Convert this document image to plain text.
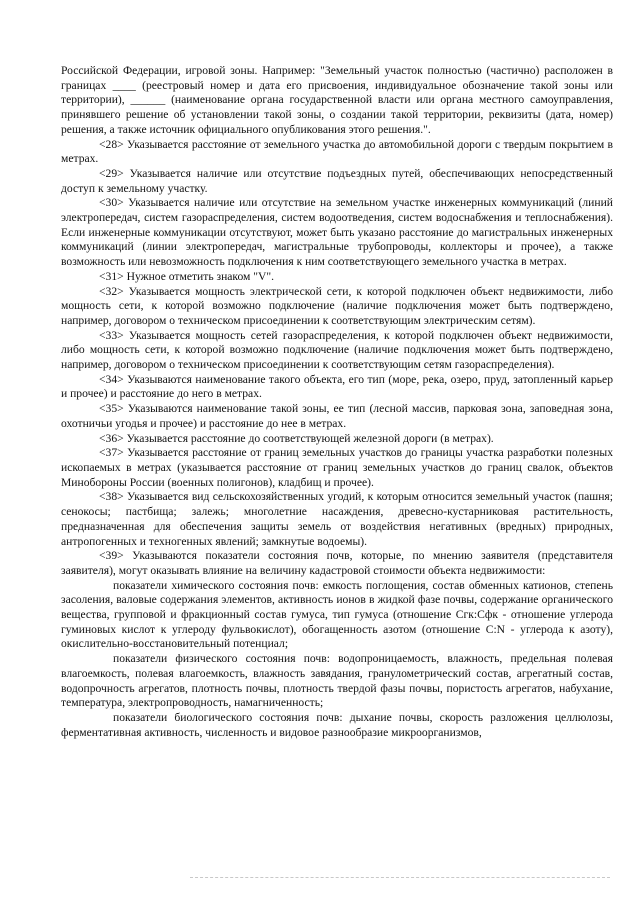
Российской Федерации, игровой зоны. Например: "Земельный участок полностью (частично) расположен в границах ____ (реестровый номер и дата его присвоения, индивидуальное обозначение такой зоны или территории), ______ (наименование органа государственной власти или органа местного самоуправления, принявшего решение об установлении такой зоны, о создании такой территории, реквизиты (дата, номер) решения, а также источник официального опубликования этого решения.".

<28> Указывается расстояние от земельного участка до автомобильной дороги с твердым покрытием в метрах.

<29> Указывается наличие или отсутствие подъездных путей, обеспечивающих непосредственный доступ к земельному участку.

<30> Указывается наличие или отсутствие на земельном участке инженерных коммуникаций (линий электропередач, систем газораспределения, систем водоотведения, систем водоснабжения и теплоснабжения). Если инженерные коммуникации отсутствуют, может быть указано расстояние до магистральных инженерных коммуникаций (линии электропередач, магистральные трубопроводы, коллекторы и прочее), а также возможность или невозможность подключения к ним соответствующего земельного участка в метрах.

<31> Нужное отметить знаком "V".

<32> Указывается мощность электрической сети, к которой подключен объект недвижимости, либо мощность сети, к которой возможно подключение (наличие подключения может быть подтверждено, например, договором о техническом присоединении к соответствующим электрическим сетям).

<33> Указывается мощность сетей газораспределения, к которой подключен объект недвижимости, либо мощность сети, к которой возможно подключение (наличие подключения может быть подтверждено, например, договором о техническом присоединении к соответствующим сетям газораспределения).

<34> Указываются наименование такого объекта, его тип (море, река, озеро, пруд, затопленный карьер и прочее) и расстояние до него в метрах.

<35> Указываются наименование такой зоны, ее тип (лесной массив, парковая зона, заповедная зона, охотничьи угодья и прочее) и расстояние до нее в метрах.

<36> Указывается расстояние до соответствующей железной дороги (в метрах).

<37> Указывается расстояние от границ земельных участков до границы участка разработки полезных ископаемых в метрах (указывается расстояние от границ земельных участков до границ свалок, объектов Минобороны России (военных полигонов), кладбищ и прочее).

<38> Указывается вид сельскохозяйственных угодий, к которым относится земельный участок (пашня; сенокосы; пастбища; залежь; многолетние насаждения, древесно-кустарниковая растительность, предназначенная для обеспечения защиты земель от воздействия негативных (вредных) природных, антропогенных и техногенных явлений; замкнутые водоемы).

<39> Указываются показатели состояния почв, которые, по мнению заявителя (представителя заявителя), могут оказывать влияние на величину кадастровой стоимости объекта недвижимости:

показатели химического состояния почв: емкость поглощения, состав обменных катионов, степень засоления, валовые содержания элементов, активность ионов в жидкой фазе почвы, содержание органического вещества, групповой и фракционный состав гумуса, тип гумуса (отношение Сгк:Сфк - отношение углерода гуминовых кислот к углероду фульвокислот), обогащенность азотом (отношение C:N - углерода к азоту), окислительно-восстановительный потенциал;

показатели физического состояния почв: водопроницаемость, влажность, предельная полевая влагоемкость, полевая влагоемкость, влажность завядания, гранулометрический состав, агрегатный состав, водопрочность агрегатов, плотность почвы, плотность твердой фазы почвы, пористость агрегатов, набухание, температура, электропроводность, намагниченность;

показатели биологического состояния почв: дыхание почвы, скорость разложения целлюлозы, ферментативная активность, численность и видовое разнообразие микроорганизмов,
